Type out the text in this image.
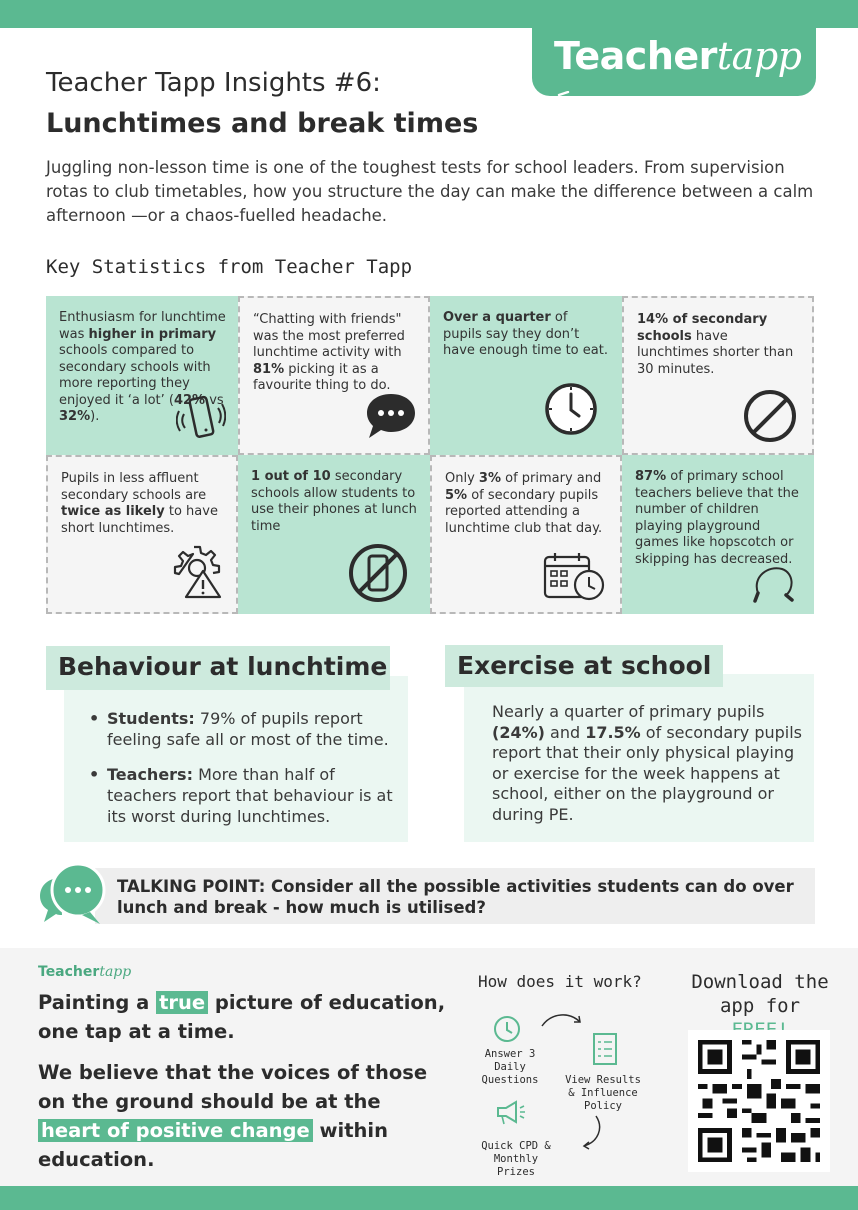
Teachertapp
Teacher Tapp Insights #6:
Lunchtimes and break times
Juggling non-lesson time is one of the toughest tests for school leaders. From supervision rotas to club timetables, how you structure the day can make the difference between a calm afternoon —or a chaos-fuelled headache.
Key Statistics from Teacher Tapp
Enthusiasm for lunchtime was higher in primary schools compared to secondary schools with more reporting they enjoyed it ‘a lot’ (42% vs 32%).
“Chatting with friends" was the most preferred lunchtime activity with 81% picking it as a favourite thing to do.
Over a quarter of pupils say they don’t have enough time to eat.
14% of secondary schools have lunchtimes shorter than 30 minutes.
Pupils in less affluent secondary schools are twice as likely to have short lunchtimes.
1 out of 10 secondary schools allow students to use their phones at lunch time
Only 3% of primary and 5% of secondary pupils reported attending a lunchtime club that day.
87% of primary school teachers believe that the number of children playing playground games like hopscotch or skipping has decreased.
Behaviour at lunchtime
• Students: 79% of pupils report feeling safe all or most of the time.
• Teachers: More than half of teachers report that behaviour is at its worst during lunchtimes.
Exercise at school
Nearly a quarter of primary pupils (24%) and 17.5% of secondary pupils report that their only physical playing or exercise for the week happens at school, either on the playground or during PE.
TALKING POINT: Consider all the possible activities students can do over lunch and break - how much is utilised?
Teachertapp
Painting a true picture of education, one tap at a time.
We believe that the voices of those on the ground should be at the heart of positive change within education.
How does it work?
Answer 3 Daily Questions	View Results & Influence Policy
Quick CPD & Monthly Prizes
Download the app for
